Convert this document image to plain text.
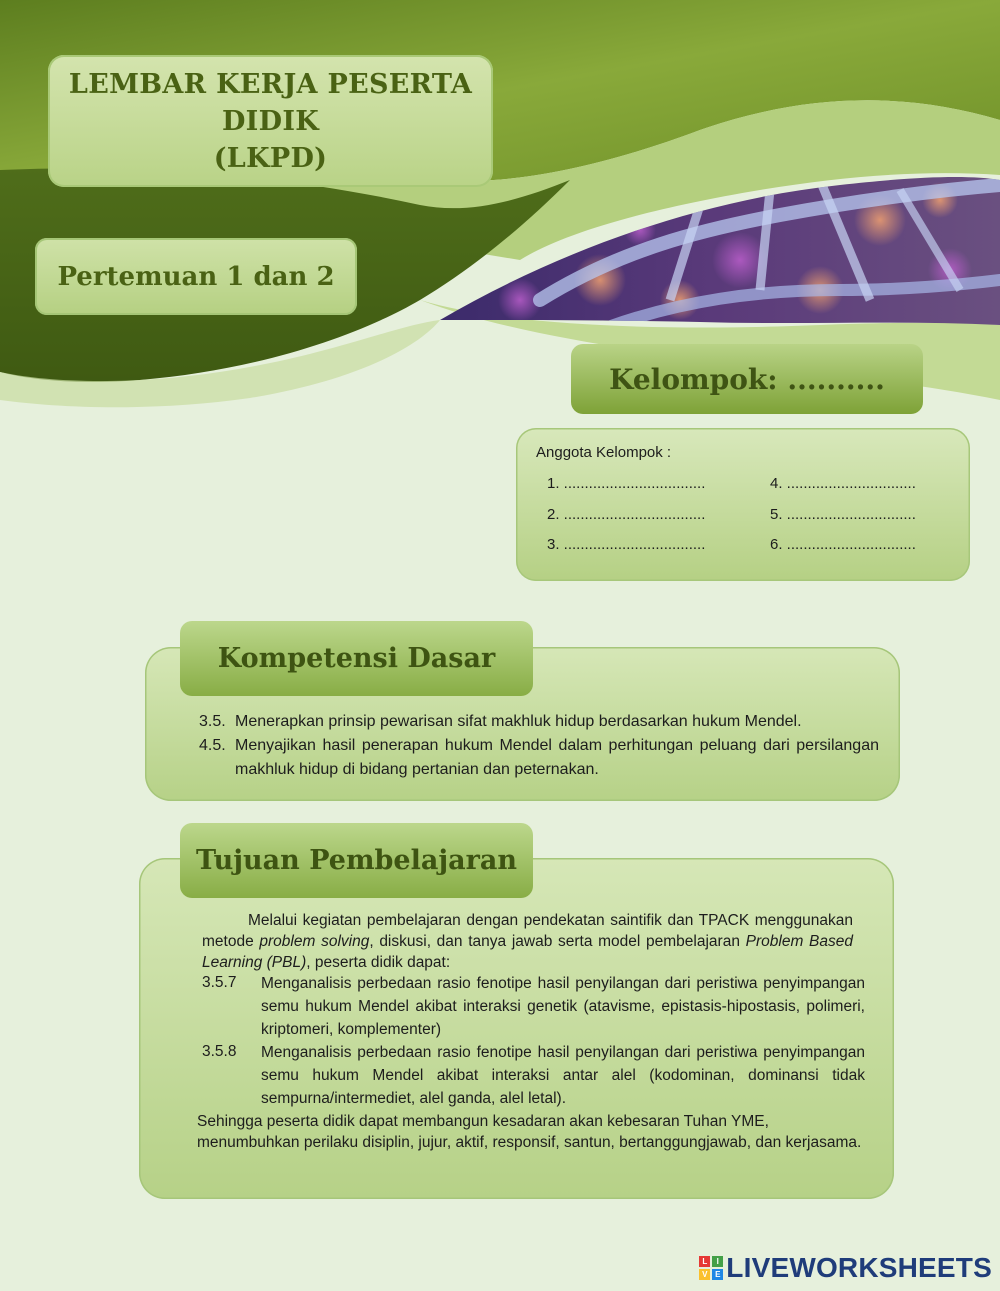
LEMBAR KERJA PESERTA
DIDIK
(LKPD)
Pertemuan 1 dan 2
Kelompok: ..........
Anggota Kelompok :
1. ..................................
2. ..................................
3. ..................................
4. ...............................
5. ...............................
6. ...............................
3.5. Menerapkan prinsip pewarisan sifat makhluk hidup berdasarkan hukum Mendel.
4.5. Menyajikan hasil penerapan hukum Mendel dalam perhitungan peluang dari persilangan makhluk hidup di bidang pertanian dan peternakan.
Kompetensi Dasar

Melalui kegiatan pembelajaran dengan pendekatan saintifik dan TPACK menggunakan metode problem solving, diskusi, dan tanya jawab serta model pembelajaran Problem Based Learning (PBL), peserta didik dapat:

3.5.7 Menganalisis perbedaan rasio fenotipe hasil penyilangan dari peristiwa penyimpangan semu hukum Mendel akibat interaksi genetik (atavisme, epistasis-hipostasis, polimeri, kriptomeri, komplementer)

3.5.8 Menganalisis perbedaan rasio fenotipe hasil penyilangan dari peristiwa penyimpangan semu hukum Mendel akibat interaksi antar alel (kodominan, dominansi tidak sempurna/intermediet, alel ganda, alel letal).

Sehingga peserta didik dapat membangun kesadaran akan kebesaran Tuhan YME, menumbuhkan perilaku disiplin, jujur, aktif, responsif, santun, bertanggungjawab, dan kerjasama.

Tujuan Pembelajaran
L	I
V E LIVEWORKSHEETS
